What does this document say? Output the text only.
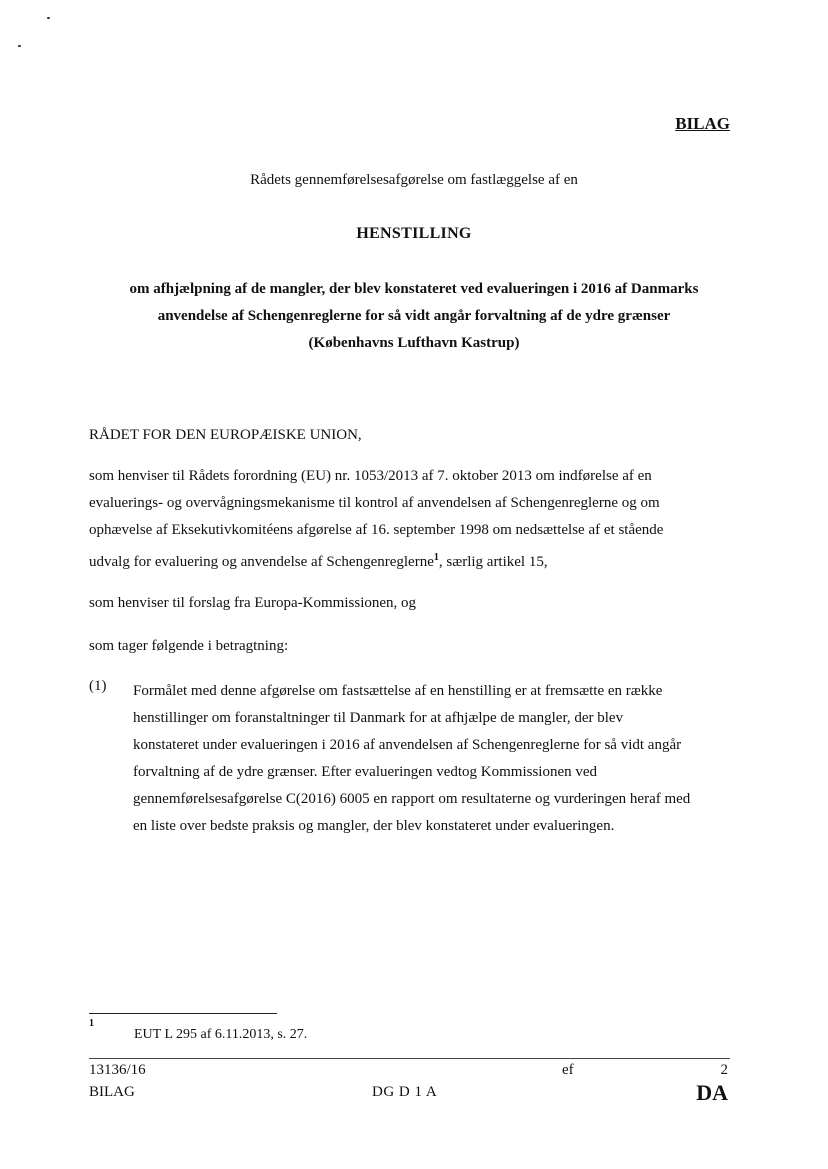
BILAG
Rådets gennemførelsesafgørelse om fastlæggelse af en
HENSTILLING
om afhjælpning af de mangler, der blev konstateret ved evalueringen i 2016 af Danmarks
anvendelse af Schengenreglerne for så vidt angår forvaltning af de ydre grænser
(Københavns Lufthavn Kastrup)
RÅDET FOR DEN EUROPÆISKE UNION,
som henviser til Rådets forordning (EU) nr. 1053/2013 af 7. oktober 2013 om indførelse af en
evaluerings- og overvågningsmekanisme til kontrol af anvendelsen af Schengenreglerne og om
ophævelse af Eksekutivkomitéens afgørelse af 16. september 1998 om nedsættelse af et stående
udvalg for evaluering og anvendelse af Schengenreglerne$^1$, særlig artikel 15,
som henviser til forslag fra Europa-Kommissionen, og
som tager følgende i betragtning:
(1) Formålet med denne afgørelse om fastsættelse af en henstilling er at fremsætte en række
henstillinger om foranstaltninger til Danmark for at afhjælpe de mangler, der blev
konstateret under evalueringen i 2016 af anvendelsen af Schengenreglerne for så vidt angår
forvaltning af de ydre grænser. Efter evalueringen vedtog Kommissionen ved
gennemførelsesafgørelse C(2016) 6005 en rapport om resultaterne og vurderingen heraf med
en liste over bedste praksis og mangler, der blev konstateret under evalueringen.
1
EUT L 295 af 6.11.2013, s. 27.
13136/16	ef	2
BILAG	DG D 1 A	DA
